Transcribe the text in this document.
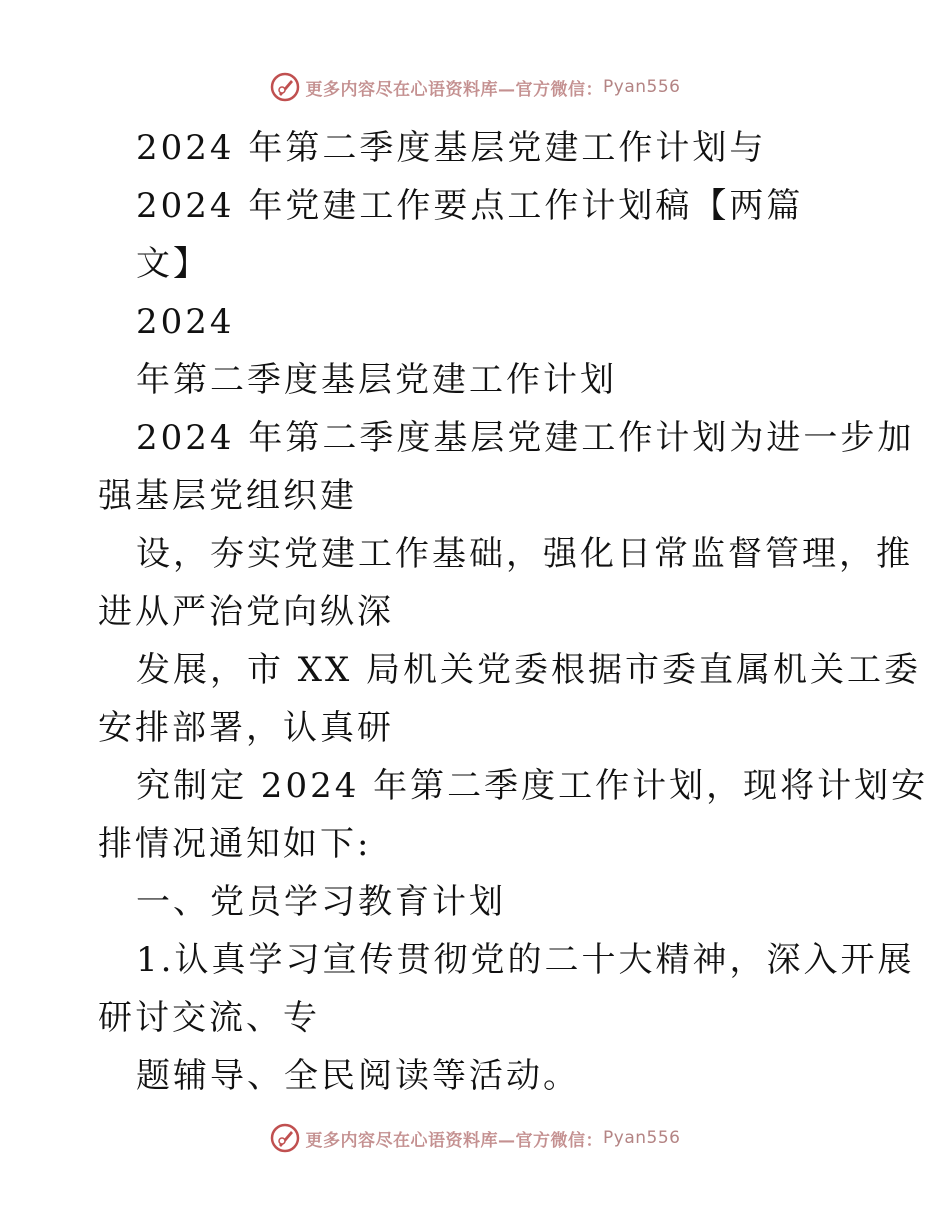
更多内容尽在心语资料库—官方微信： Pyan556
2024 年第二季度基层党建工作计划与
2024 年党建工作要点工作计划稿【两篇
文】
2024
年第二季度基层党建工作计划
2024 年第二季度基层党建工作计划为进一步加
强基层党组织建
设，夯实党建工作基础，强化日常监督管理，推
进从严治党向纵深
发展，市 XX 局机关党委根据市委直属机关工委
安排部署，认真研
究制定 2024 年第二季度工作计划，现将计划安
排情况通知如下:
一、党员学习教育计划
1.认真学习宣传贯彻党的二十大精神，深入开展
研讨交流、专
题辅导、全民阅读等活动。
更多内容尽在心语资料库—官方微信： Pyan556
